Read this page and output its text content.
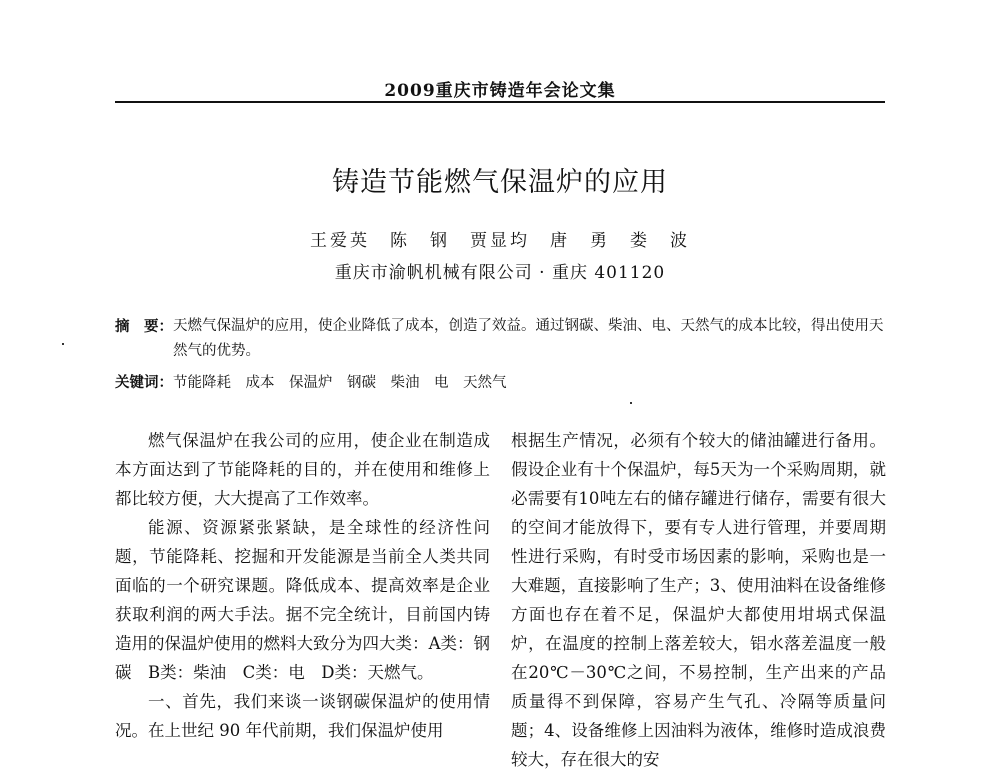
2009重庆市铸造年会论文集
铸造节能燃气保温炉的应用
王爱英　陈　钢　贾显均　唐　勇　娄　波
重庆市渝帆机械有限公司 · 重庆 401120
摘　要： 天燃气保温炉的应用，使企业降低了成本，创造了效益。通过钢碳、柴油、电、天然气的成本比较，得出使用天然气的优势。
关键词：节能降耗　成本　保温炉　钢碳　柴油　电　天然气

燃气保温炉在我公司的应用，使企业在制造成本方面达到了节能降耗的目的，并在使用和维修上都比较方便，大大提高了工作效率。

能源、资源紧张紧缺，是全球性的经济性问题，节能降耗、挖掘和开发能源是当前全人类共同面临的一个研究课题。降低成本、提高效率是企业获取利润的两大手法。据不完全统计，目前国内铸造用的保温炉使用的燃料大致分为四大类：A类：钢碳　B类：柴油　C类：电　D类：天燃气。

一、首先，我们来谈一谈钢碳保温炉的使用情况。在上世纪 90 年代前期，我们保温炉使用

根据生产情况，必须有个较大的储油罐进行备用。假设企业有十个保温炉，每5天为一个采购周期，就必需要有10吨左右的储存罐进行储存，需要有很大的空间才能放得下，要有专人进行管理，并要周期性进行采购，有时受市场因素的影响，采购也是一大难题，直接影响了生产；3、使用油料在设备维修方面也存在着不足，保温炉大都使用坩埚式保温炉，在温度的控制上落差较大，铝水落差温度一般在20℃－30℃之间，不易控制，生产出来的产品质量得不到保障，容易产生气孔、冷隔等质量问题；4、设备维修上因油料为液体，维修时造成浪费较大，存在很大的安
